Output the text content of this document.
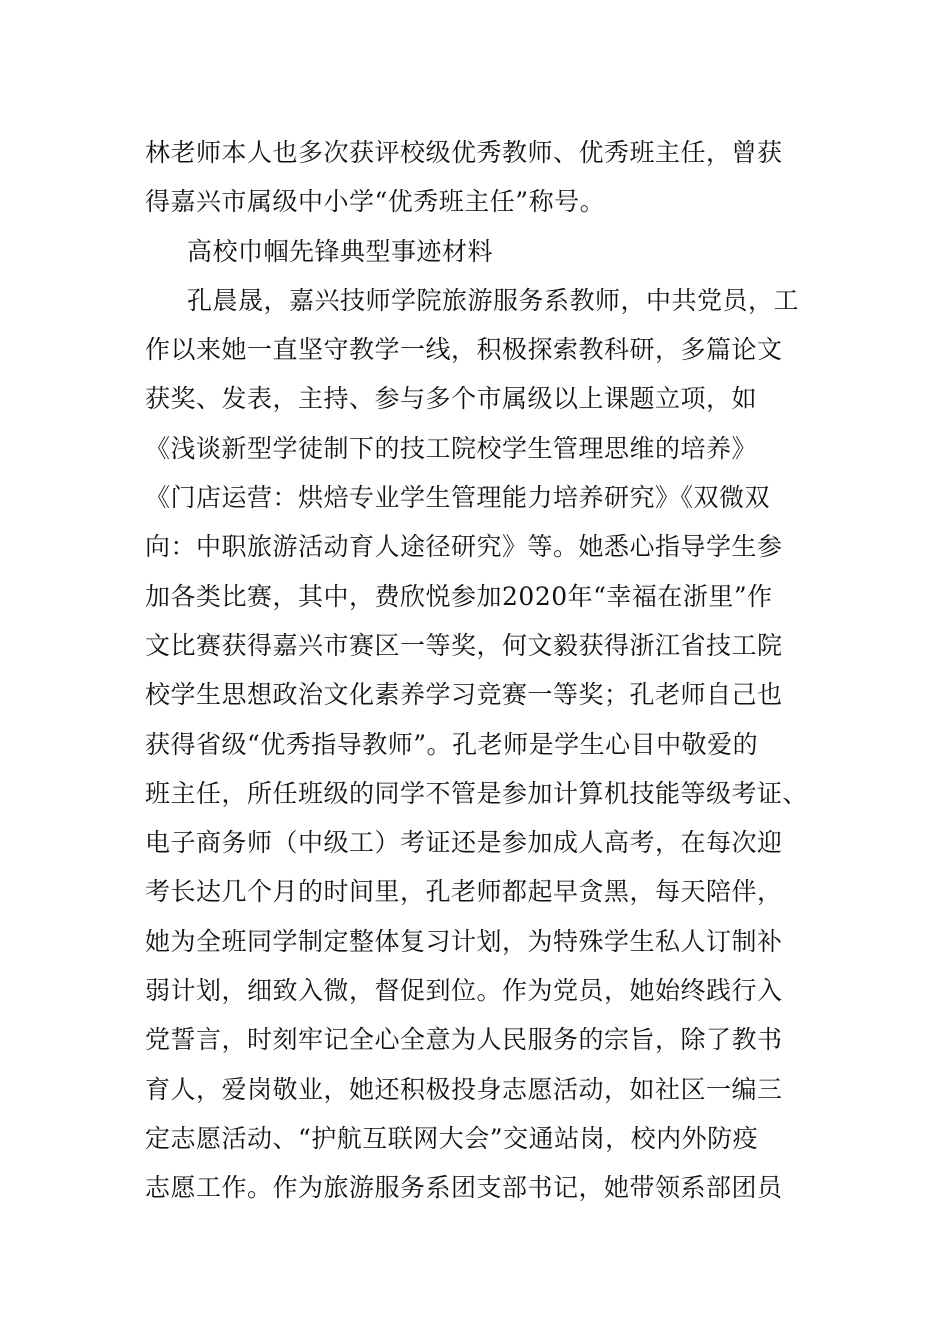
林老师本人也多次获评校级优秀教师、优秀班主任，曾获
得嘉兴市属级中小学“优秀班主任”称号。
高校巾帼先锋典型事迹材料
孔晨晟，嘉兴技师学院旅游服务系教师，中共党员，工
作以来她一直坚守教学一线，积极探索教科研，多篇论文
获奖、发表，主持、参与多个市属级以上课题立项，如
《浅谈新型学徒制下的技工院校学生管理思维的培养》
《门店运营：烘焙专业学生管理能力培养研究》《双微双
向：中职旅游活动育人途径研究》等。她悉心指导学生参
加各类比赛，其中，费欣悦参加2020年“幸福在浙里”作
文比赛获得嘉兴市赛区一等奖，何文毅获得浙江省技工院
校学生思想政治文化素养学习竞赛一等奖；孔老师自己也
获得省级“优秀指导教师”。孔老师是学生心目中敬爱的
班主任，所任班级的同学不管是参加计算机技能等级考证、
电子商务师（中级工）考证还是参加成人高考，在每次迎
考长达几个月的时间里，孔老师都起早贪黑，每天陪伴，
她为全班同学制定整体复习计划，为特殊学生私人订制补
弱计划，细致入微，督促到位。作为党员，她始终践行入
党誓言，时刻牢记全心全意为人民服务的宗旨，除了教书
育人，爱岗敬业，她还积极投身志愿活动，如社区一编三
定志愿活动、“护航互联网大会”交通站岗，校内外防疫
志愿工作。作为旅游服务系团支部书记，她带领系部团员
